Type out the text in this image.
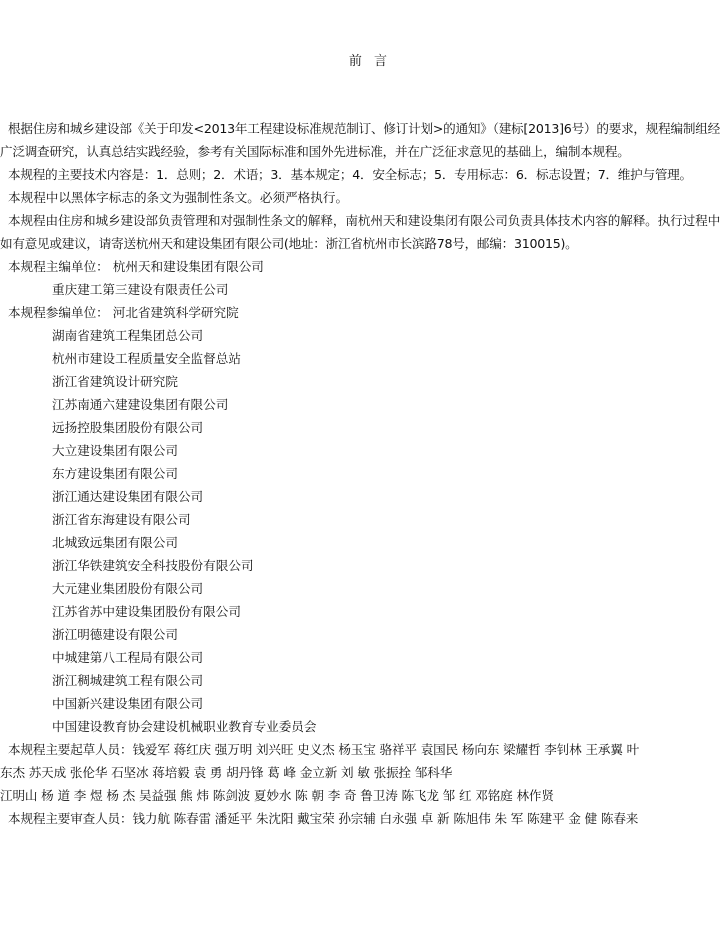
前 言

根据住房和城乡建设部《关于印发<2013年工程建设标准规范制订、修订计划>的通知》（建标[2013]6号）的要求，规程编制组经广泛调查研究，认真总结实践经验，参考有关国际标准和国外先进标准，并在广泛征求意见的基础上，编制本规程。

本规程的主要技术内容是：1．总则；2．术语；3．基本规定；4．安全标志；5．专用标志：6．标志设置；7．维护与管理。

本规程中以黑体字标志的条文为强制性条文。必须严格执行。

本规程由住房和城乡建设部负责管理和对强制性条文的解释，南杭州天和建设集闭有限公司负责具体技术内容的解释。执行过程中如有意见或建议，请寄送杭州天和建设集团有限公司(地址：浙江省杭州市长滨路78号，邮编：310015)。

本规程主编单位： 杭州天和建设集团有限公司

重庆建工第三建设有限责任公司

本规程参编单位： 河北省建筑科学研究院

湖南省建筑工程集团总公司

杭州市建设工程质量安全监督总站

浙江省建筑设计研究院

江苏南通六建建设集团有限公司

远扬控股集团股份有限公司

大立建设集团有限公司

东方建设集团有限公司

浙江通达建设集团有限公司

浙江省东海建设有限公司

北城致远集团有限公司

浙江华铁建筑安全科技股份有限公司

大元建业集团股份有限公司

江苏省苏中建设集团股份有限公司

浙江明德建设有限公司

中城建第八工程局有限公司

浙江稠城建筑工程有限公司

中国新兴建设集团有限公司

中国建设教育协会建设机械职业教育专业委员会

本规程主要起草人员：钱爱军 蒋红庆 强万明 刘兴旺 史义杰 杨玉宝 骆祥平 袁国民 杨向东 梁耀哲 李钊林 王承翼 叶

东杰 苏天成 张伦华 石坚冰 蒋培毅 袁 勇 胡丹锋 葛 峰 金立新 刘 敏 张振拴 邹科华

江明山 杨 道 李 煜 杨 杰 吴益强 熊 炜 陈剑波 夏妙水 陈 朝 李 奇 鲁卫涛 陈飞龙 邹 红 邓铭庭 林作贤

本规程主要审查人员：钱力航 陈春雷 潘延平 朱沈阳 戴宝荣 孙宗辅 白永强 卓 新 陈旭伟 朱 军 陈建平 金 健 陈春来
